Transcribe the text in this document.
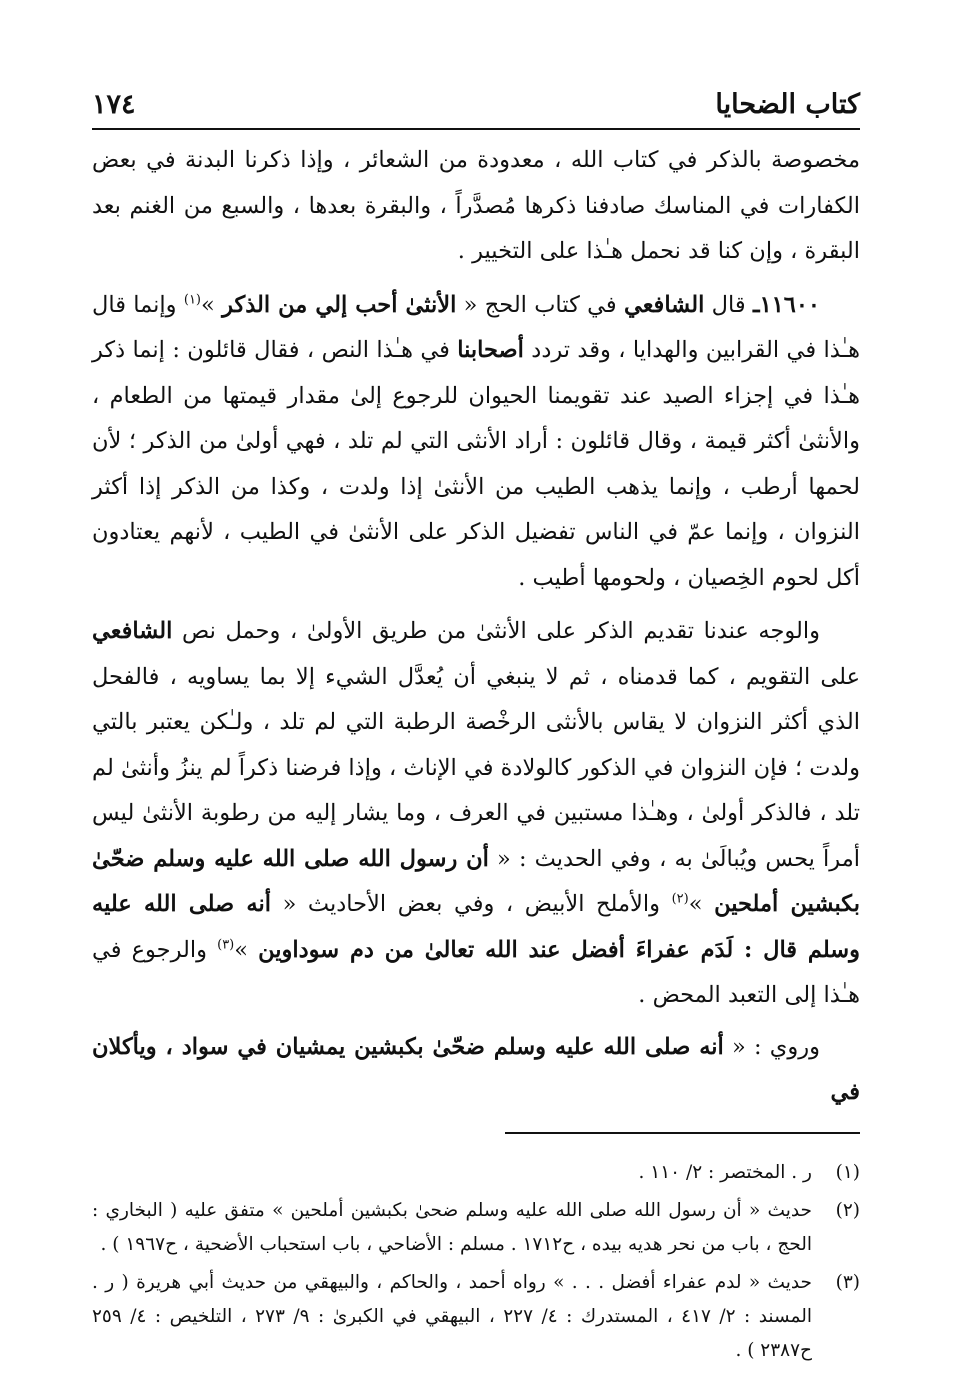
كتاب الضحايا
١٧٤

مخصوصة بالذكر في كتاب الله ، معدودة من الشعائر ، وإذا ذكرنا البدنة في بعض الكفارات في المناسك صادفنا ذكرها مُصدَّراً ، والبقرة بعدها ، والسبع من الغنم بعد البقرة ، وإن كنا قد نحمل هـٰذا على التخيير .

١١٦٠٠ـ قال الشافعي في كتاب الحج « الأنثىٰ أحب إلي من الذكر »$^{(١)}$ وإنما قال هـٰذا في القرابين والهدايا ، وقد تردد أصحابنا في هـٰذا النص ، فقال قائلون : إنما ذكر هـٰذا في إجزاء الصيد عند تقويمنا الحيوان للرجوع إلىٰ مقدار قيمتها من الطعام ، والأنثىٰ أكثر قيمة ، وقال قائلون : أراد الأنثى التي لم تلد ، فهي أولىٰ من الذكر ؛ لأن لحمها أرطب ، وإنما يذهب الطيب من الأنثىٰ إذا ولدت ، وكذا من الذكر إذا أكثر النزوان ، وإنما عمّ في الناس تفضيل الذكر على الأنثىٰ في الطيب ، لأنهم يعتادون أكل لحوم الخِصيان ، ولحومها أطيب .

والوجه عندنا تقديم الذكر على الأنثىٰ من طريق الأولىٰ ، وحمل نص الشافعي على التقويم ، كما قدمناه ، ثم لا ينبغي أن يُعدَّل الشيء إلا بما يساويه ، فالفحل الذي أكثر النزوان لا يقاس بالأنثى الرخْصة الرطبة التي لم تلد ، ولـٰكن يعتبر بالتي ولدت ؛ فإن النزوان في الذكور كالولادة في الإناث ، وإذا فرضنا ذكراً لم ينزُ وأنثىٰ لم تلد ، فالذكر أولىٰ ، وهـٰذا مستبين في العرف ، وما يشار إليه من رطوبة الأنثىٰ ليس أمراً يحس ويُبالَىٰ به ، وفي الحديث : « أن رسول الله صلى الله عليه وسلم ضحّىٰ بكبشين أملحين »$^{(٢)}$ والأملح الأبيض ، وفي بعض الأحاديث « أنه صلى الله عليه وسلم قال : لَدَم عفراءَ أفضل عند الله تعالىٰ من دم سوداوين »$^{(٣)}$ والرجوع في هـٰذا إلى التعبد المحض .

وروي : « أنه صلى الله عليه وسلم ضحّىٰ بكبشين يمشيان في سواد ، ويأكلان في

(١)
ر . المختصر : ٢/ ١١٠ .
(٢)
حديث « أن رسول الله صلى الله عليه وسلم ضحىٰ بكبشين أملحين » متفق عليه ( البخاري : الحج ، باب من نحر هديه بيده ، ح١٧١٢ . مسلم : الأضاحي ، باب استحباب الأضحية ، ح١٩٦٧ ) .
(٣)
حديث « لدم عفراء أفضل . . . » رواه أحمد ، والحاكم ، والبيهقي من حديث أبي هريرة ( ر . المسند : ٢/ ٤١٧ ، المستدرك : ٤/ ٢٢٧ ، البيهقي في الكبرىٰ : ٩/ ٢٧٣ ، التلخيص : ٤/ ٢٥٩ ح٢٣٨٧ ) .
